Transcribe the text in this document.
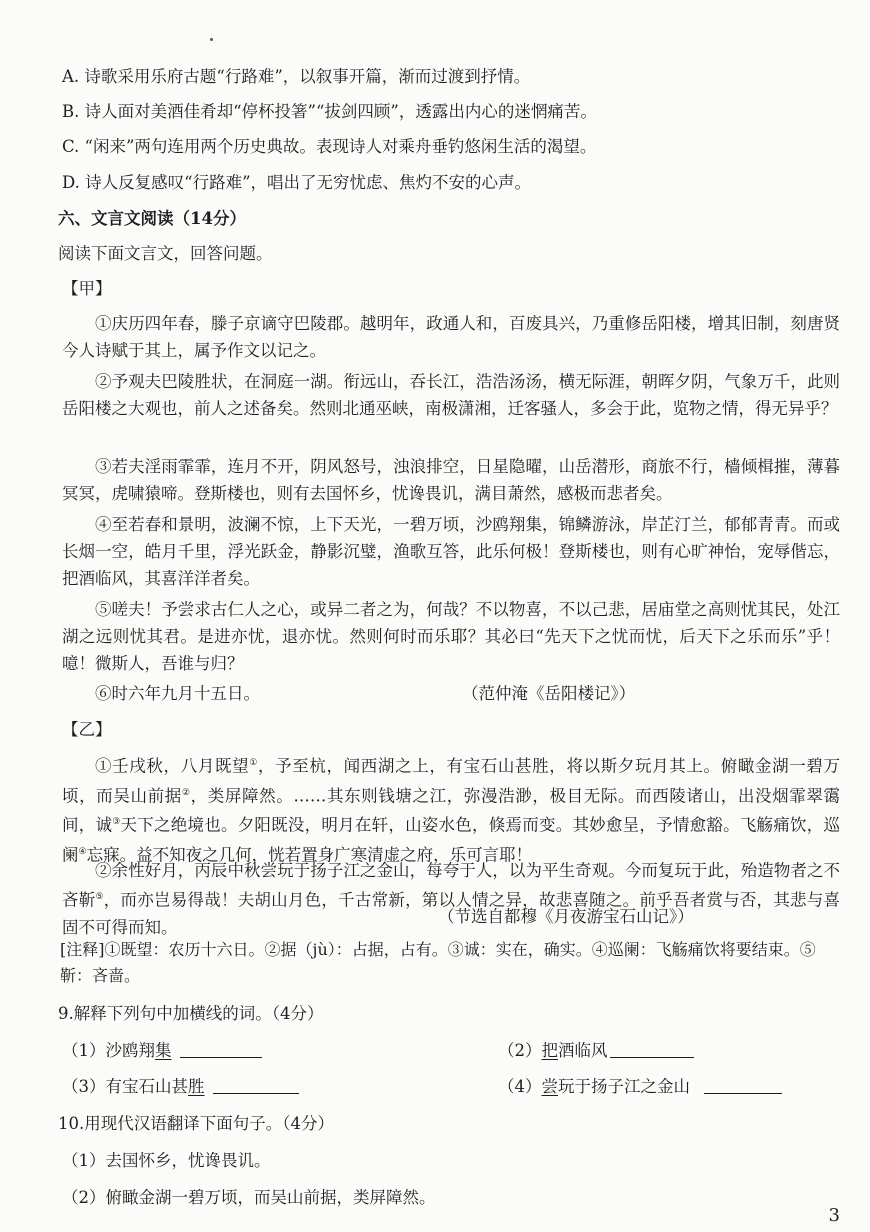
A. 诗歌采用乐府古题“行路难”，以叙事开篇，渐而过渡到抒情。
B. 诗人面对美酒佳肴却“停杯投箸”“拔剑四顾”，透露出内心的迷惘痛苦。
C. “闲来”两句连用两个历史典故。表现诗人对乘舟垂钓悠闲生活的渴望。
D. 诗人反复感叹“行路难”，唱出了无穷忧虑、焦灼不安的心声。
六、文言文阅读（14分）
阅读下面文言文，回答问题。
【甲】
①庆历四年春，滕子京谪守巴陵郡。越明年，政通人和，百废具兴，乃重修岳阳楼，增其旧制，刻唐贤今人诗赋于其上，属予作文以记之。
②予观夫巴陵胜状，在洞庭一湖。衔远山，吞长江，浩浩汤汤，横无际涯，朝晖夕阴，气象万千，此则岳阳楼之大观也，前人之述备矣。然则北通巫峡，南极潇湘，迁客骚人，多会于此，览物之情，得无异乎？
③若夫淫雨霏霏，连月不开，阴风怒号，浊浪排空，日星隐曜，山岳潜形，商旅不行，樯倾楫摧，薄暮冥冥，虎啸猿啼。登斯楼也，则有去国怀乡，忧谗畏讥，满目萧然，感极而悲者矣。
④至若春和景明，波澜不惊，上下天光，一碧万顷，沙鸥翔集，锦鳞游泳，岸芷汀兰，郁郁青青。而或长烟一空，皓月千里，浮光跃金，静影沉璧，渔歌互答，此乐何极！登斯楼也，则有心旷神怡，宠辱偕忘，把酒临风，其喜洋洋者矣。
⑤嗟夫！予尝求古仁人之心，或异二者之为，何哉？不以物喜，不以己悲，居庙堂之高则忧其民，处江湖之远则忧其君。是进亦忧，退亦忧。然则何时而乐耶？其必曰“先天下之忧而忧，后天下之乐而乐”乎！噫！微斯人，吾谁与归？
⑥时六年九月十五日。	（范仲淹《岳阳楼记》）
【乙】
①壬戌秋，八月既望①，予至杭，闻西湖之上，有宝石山甚胜，将以斯夕玩月其上。俯瞰金湖一碧万顷，而吴山前据②，类屏障然。……其东则钱塘之江，弥漫浩渺，极目无际。而西陵诸山，出没烟霏翠霭间，诚③天下之绝境也。夕阳既没，明月在轩，山姿水色，倏焉而变。其妙愈呈，予情愈豁。飞觞痛饮，巡阑④忘寐。益不知夜之几何，恍若置身广寒清虚之府，乐可言耶！
②余性好月，丙辰中秋尝玩于扬子江之金山，每夸于人，以为平生奇观。今而复玩于此，殆造物者之不吝靳⑤，而亦岂易得哉！夫胡山月色，千古常新，第以人情之异，故悲喜随之。前乎吾者赏与否，其悲与喜固不可得而知。
（节选自都穆《月夜游宝石山记》）
[注释]①既望：农历十六日。②据（jù）：占据，占有。③诚：实在，确实。④巡阑：飞觞痛饮将要结束。⑤靳：吝啬。
9.解释下列句中加横线的词。（4分）
（1）沙鸥翔集	（2）把酒临风
（3）有宝石山甚胜	（4）尝玩于扬子江之金山
10.用现代汉语翻译下面句子。（4分）
（1）去国怀乡，忧谗畏讥。
（2）俯瞰金湖一碧万顷，而吴山前据，类屏障然。
3
